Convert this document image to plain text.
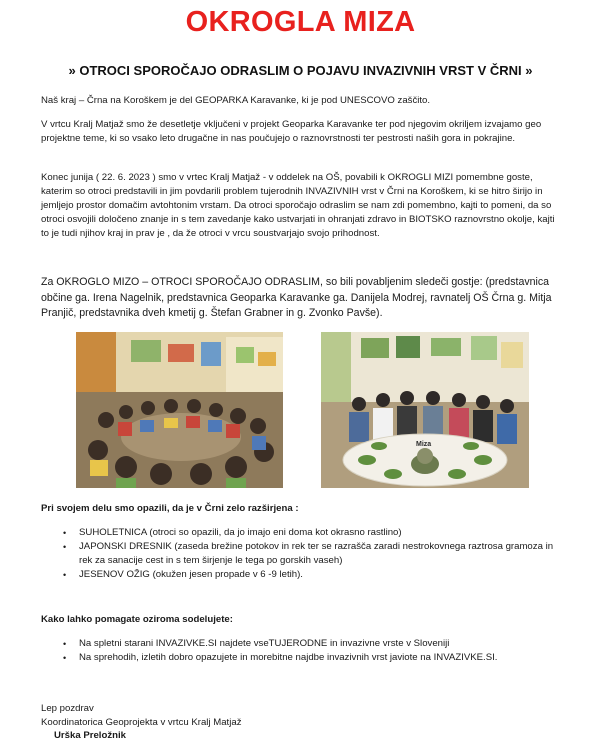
OKROGLA MIZA
» OTROCI SPOROČAJO ODRASLIM O POJAVU INVAZIVNIH VRST V ČRNI »

Naš kraj – Črna na Koroškem je del GEOPARKA Karavanke, ki je pod UNESCOVO zaščito.

V vrtcu Kralj Matjaž smo že desetletje vključeni v projekt Geoparka Karavanke ter pod njegovim okriljem izvajamo geo projektne teme, ki so vsako leto drugačne in nas poučujejo o raznovrstnosti ter pestrosti naših gora in pokrajine.

Konec junija ( 22. 6. 2023 ) smo v vrtec Kralj Matjaž - v oddelek na OŠ, povabili k OKROGLI MIZI pomembne goste, katerim so otroci predstavili in jim povdarili problem tujerodnih INVAZIVNIH vrst v Črni na Koroškem, ki se hitro širijo in jemljejo prostor domačim avtohtonim vrstam. Da otroci sporočajo odraslim se nam zdi pomembno, kajti to pomeni, da so otroci osvojili določeno znanje in s tem zavedanje kako ustvarjati in ohranjati zdravo in BIOTSKO raznovrstno okolje, kajti to je tudi njihov kraj in prav je , da že otroci v vrcu soustvarjajo svojo prihodnost.

Za OKROGLO MIZO – OTROCI SPOROČAJO ODRASLIM, so bili povabljenim sledeči gostje: (predstavnica občine ga. Irena Nagelnik, predstavnica Geoparka Karavanke ga. Danijela Modrej, ravnatelj OŠ Črna g. Mitja Pranjič, predstavnika dveh kmetij g. Štefan Grabner in g. Zvonko Pavše).

Miza
Pri svojem delu smo opazili, da je v Črni zelo razširjena :
• SUHOLETNICA (otroci so opazili, da jo imajo eni doma kot okrasno rastlino)
• JAPONSKI DRESNIK (zaseda brežine potokov in rek ter se razrašča zaradi nestrokovnega raztrosa gramoza in rek za sanacije cest in s tem širjenje le tega po gorskih vaseh)
• JESENOV OŽIG (okužen jesen propade v 6 -9 letih).
Kako lahko pomagate oziroma sodelujete:
• Na spletni starani INVAZIVKE.SI najdete vseTUJERODNE in invazivne vrste v Sloveniji
• Na sprehodih, izletih dobro opazujete in morebitne najdbe invazivnih vrst javiote na INVAZIVKE.SI.
Lep pozdrav
Koordinatorica Geoprojekta v vrtcu Kralj Matjaž
Urška Preložnik
